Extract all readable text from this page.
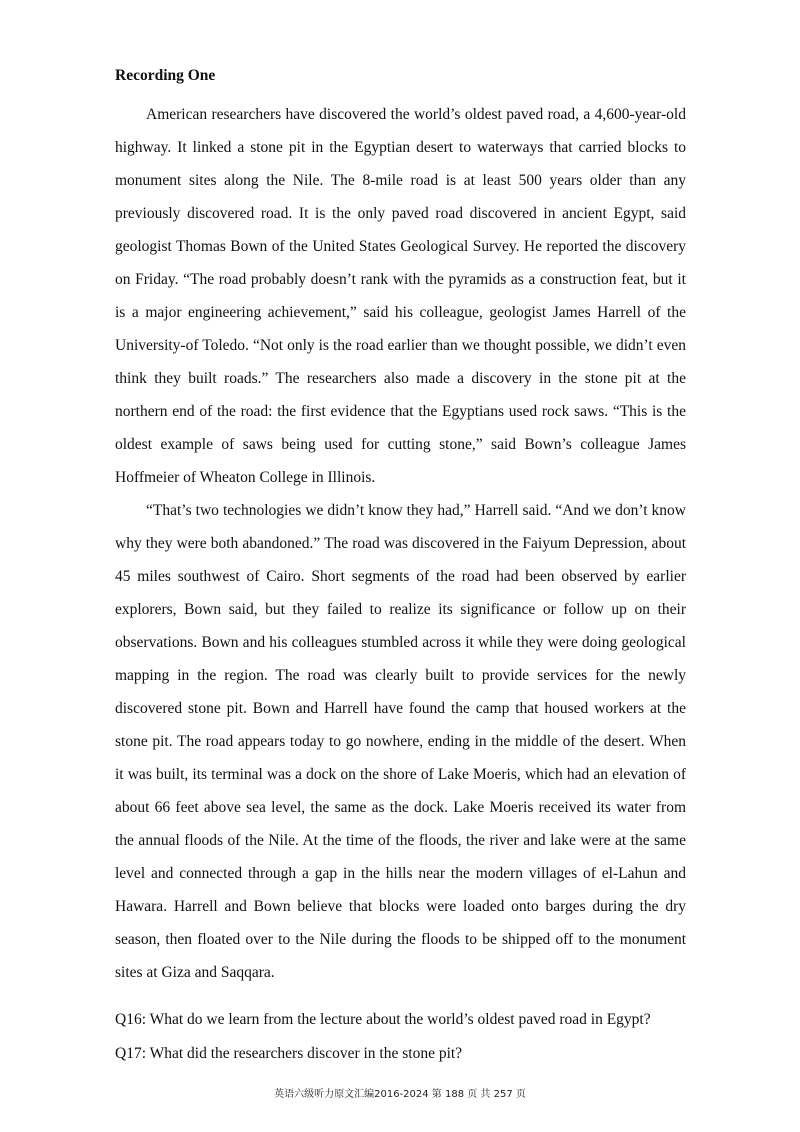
Recording One

American researchers have discovered the world’s oldest paved road, a 4,600-year-old highway. It linked a stone pit in the Egyptian desert to waterways that carried blocks to monument sites along the Nile. The 8-mile road is at least 500 years older than any previously discovered road. It is the only paved road discovered in ancient Egypt, said geologist Thomas Bown of the United States Geological Survey. He reported the discovery on Friday. “The road probably doesn’t rank with the pyramids as a construction feat, but it is a major engineering achievement,” said his colleague, geologist James Harrell of the University-of Toledo. “Not only is the road earlier than we thought possible, we didn’t even think they built roads.” The researchers also made a discovery in the stone pit at the northern end of the road: the first evidence that the Egyptians used rock saws. “This is the oldest example of saws being used for cutting stone,” said Bown’s colleague James Hoffmeier of Wheaton College in Illinois.

“That’s two technologies we didn’t know they had,” Harrell said. “And we don’t know why they were both abandoned.” The road was discovered in the Faiyum Depression, about 45 miles southwest of Cairo. Short segments of the road had been observed by earlier explorers, Bown said, but they failed to realize its significance or follow up on their observations. Bown and his colleagues stumbled across it while they were doing geological mapping in the region. The road was clearly built to provide services for the newly discovered stone pit. Bown and Harrell have found the camp that housed workers at the stone pit. The road appears today to go nowhere, ending in the middle of the desert. When it was built, its terminal was a dock on the shore of Lake Moeris, which had an elevation of about 66 feet above sea level, the same as the dock. Lake Moeris received its water from the annual floods of the Nile. At the time of the floods, the river and lake were at the same level and connected through a gap in the hills near the modern villages of el-Lahun and Hawara. Harrell and Bown believe that blocks were loaded onto barges during the dry season, then floated over to the Nile during the floods to be shipped off to the monument sites at Giza and Saqqara.

Q16: What do we learn from the lecture about the world’s oldest paved road in Egypt?

Q17: What did the researchers discover in the stone pit?

英语六级听力原文汇编2016-2024 第 188 页 共 257 页
